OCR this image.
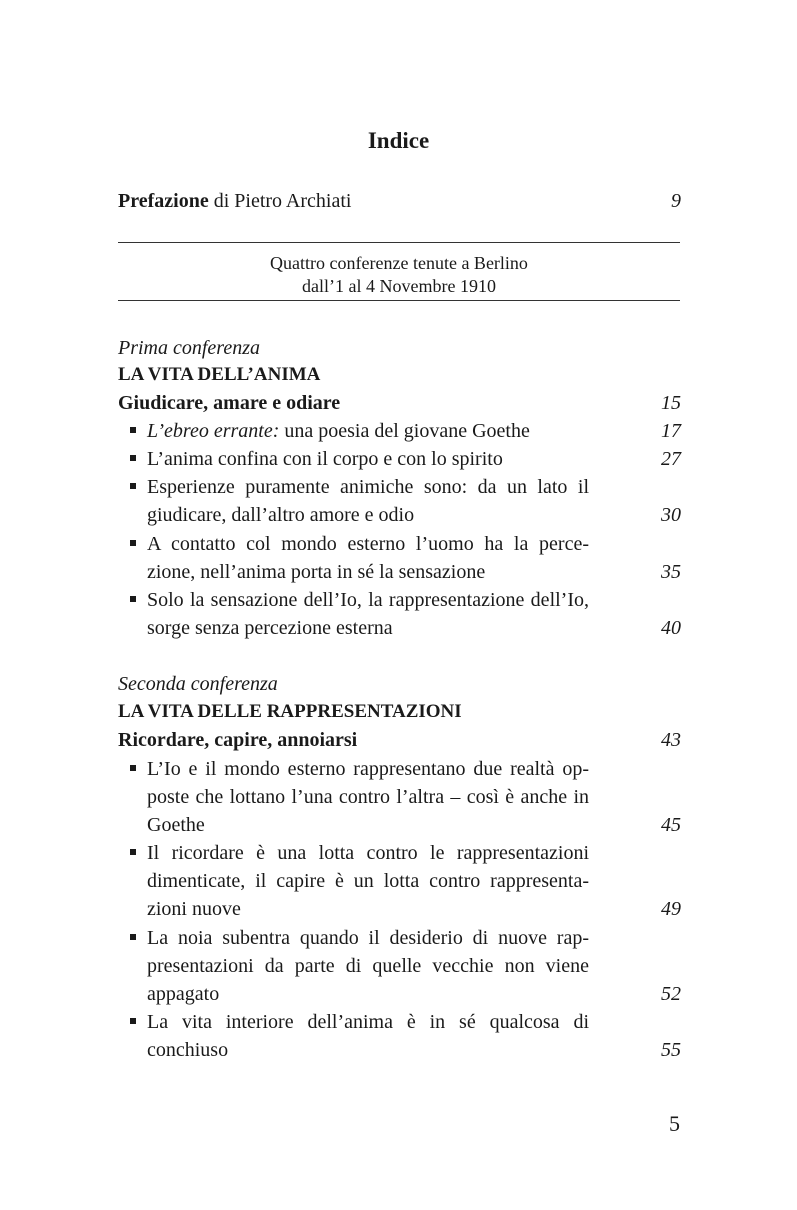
Indice
Prefazione di Pietro Archiati	9
Quattro conferenze tenute a Berlino
dall’1 al 4 Novembre 1910
Prima conferenza
LA VITA DELL’ANIMA
Giudicare, amare e odiare	15
L’ebreo errante: una poesia del giovane Goethe	17
L’anima confina con il corpo e con lo spirito	27
Esperienze puramente animiche sono: da un lato il giudicare, dall’altro amore e odio	30
A contatto col mondo esterno l’uomo ha la perce-zione, nell’anima porta in sé la sensazione	35
Solo la sensazione dell’Io, la rappresentazione dell’Io, sorge senza percezione esterna	40
Seconda conferenza
LA VITA DELLE RAPPRESENTAZIONI
Ricordare, capire, annoiarsi	43
L’Io e il mondo esterno rappresentano due realtà op-poste che lottano l’una contro l’altra – così è anche in Goethe	45
Il ricordare è una lotta contro le rappresentazioni dimenticate, il capire è un lotta contro rappresenta-zioni nuove	49
La noia subentra quando il desiderio di nuove rap-presentazioni da parte di quelle vecchie non viene appagato	52
La vita interiore dell’anima è in sé qualcosa di conchiuso	55
5
